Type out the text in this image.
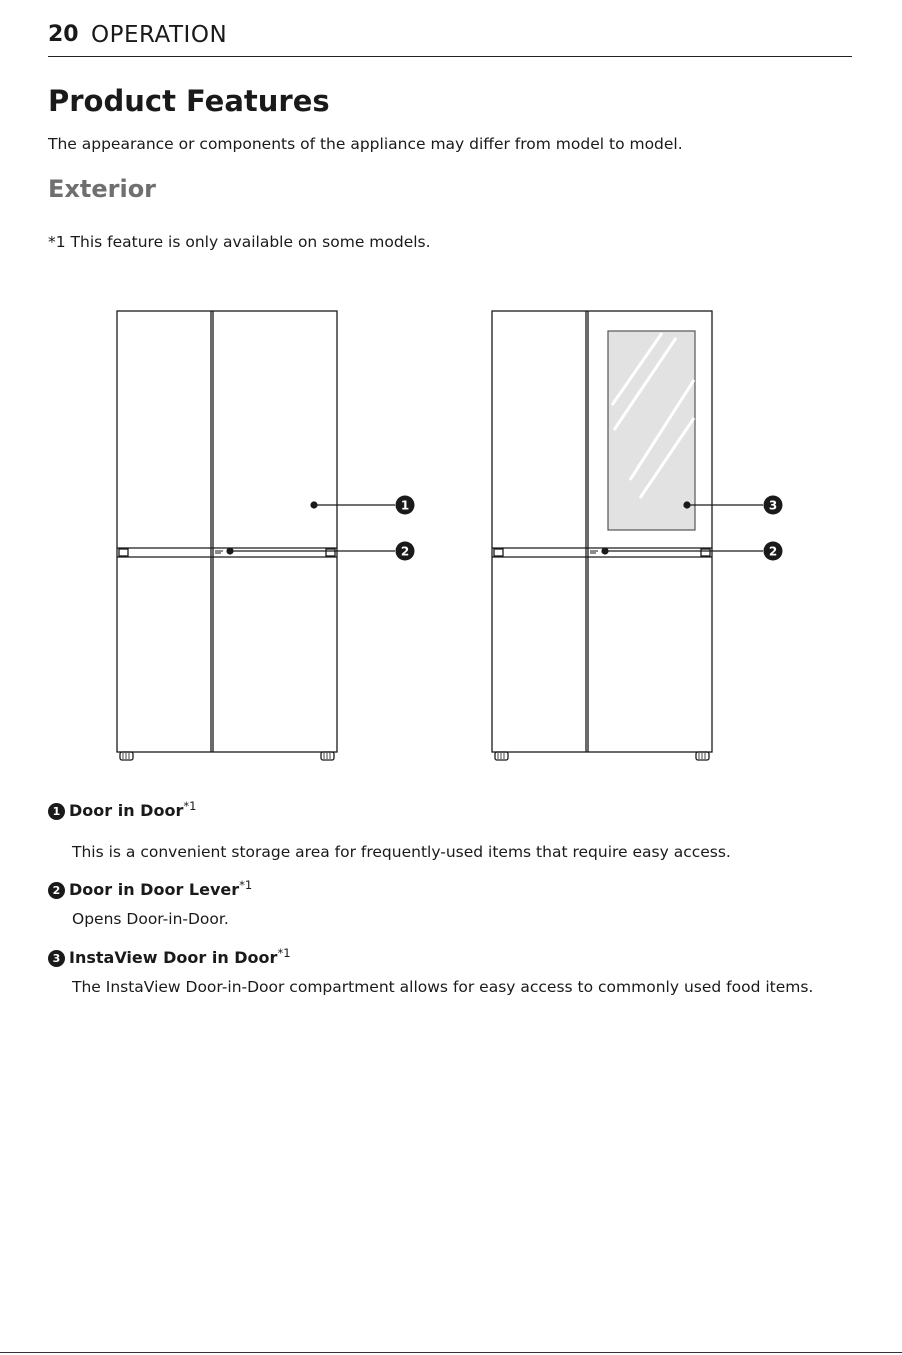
20 OPERATION
Product Features
The appearance or components of the appliance may differ from model to model.
Exterior
*1 This feature is only available on some models.
1
2
3
2
1 Door in Door$^{*1}$
This is a convenient storage area for frequently-used items that require easy access.
2 Door in Door Lever$^{*1}$
Opens Door-in-Door.
3 InstaView Door in Door$^{*1}$
The InstaView Door-in-Door compartment allows for easy access to commonly used food items.
